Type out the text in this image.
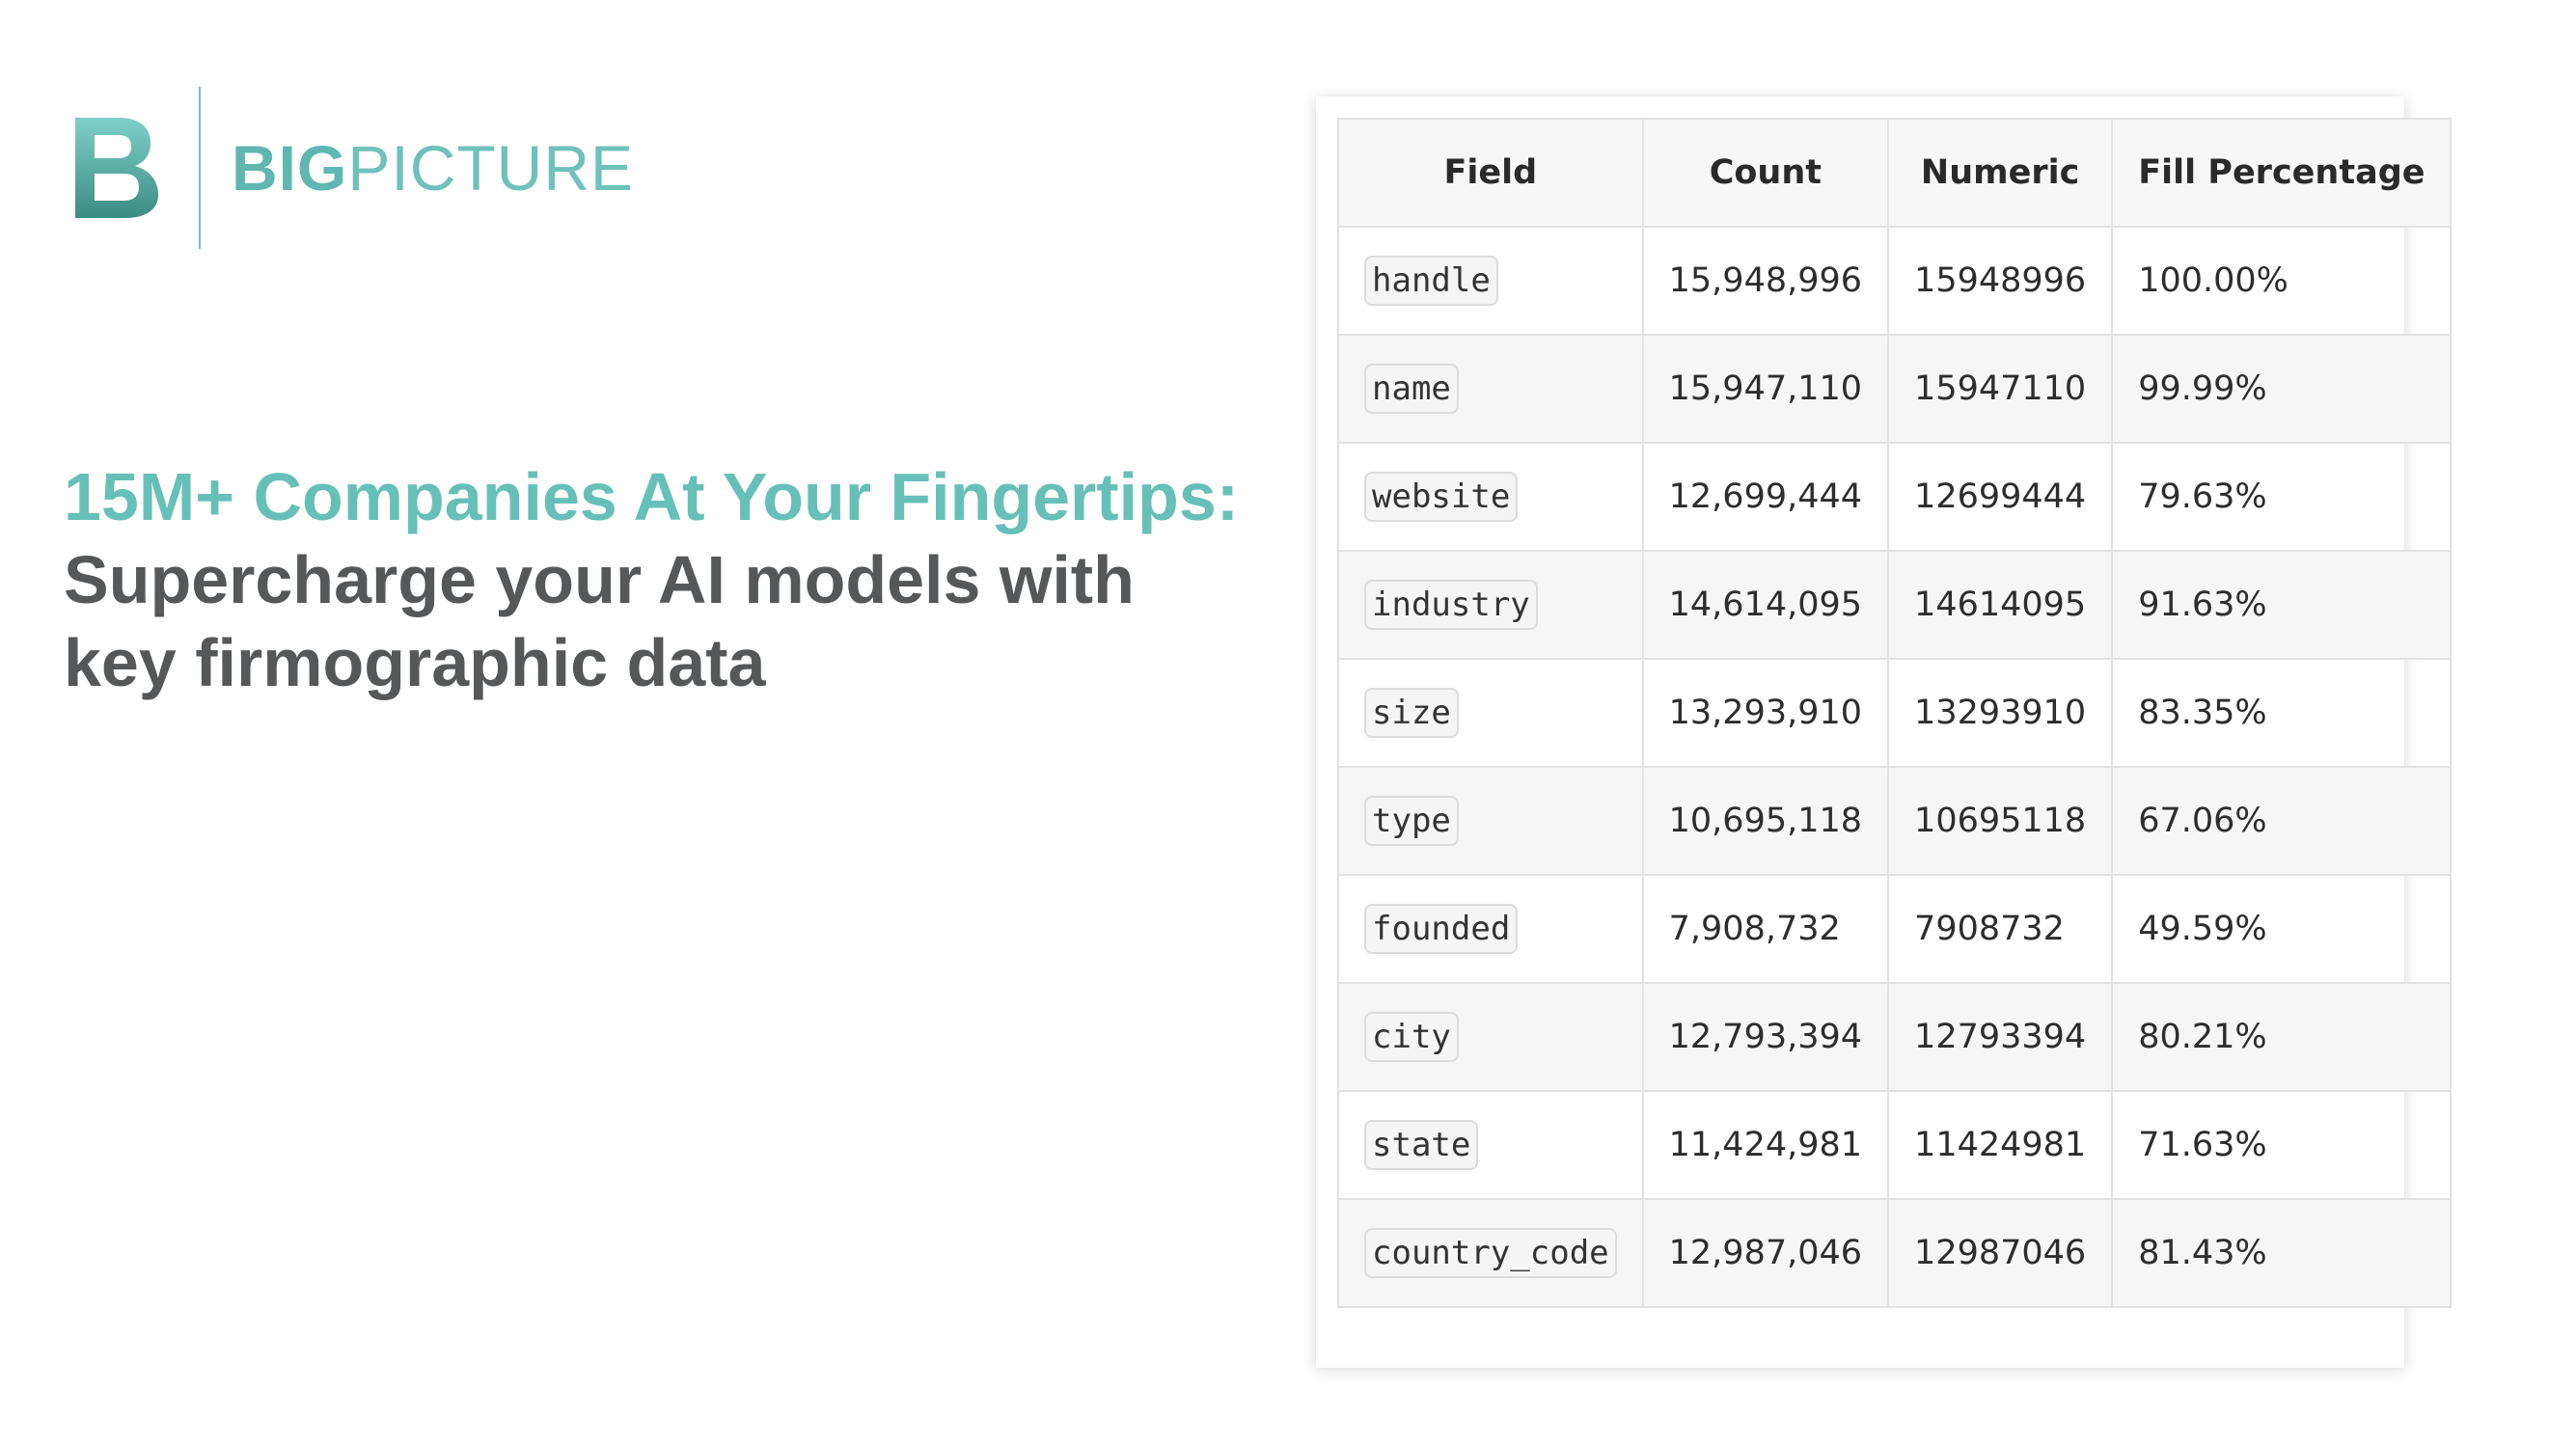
BIGPICTURE
15M+ Companies At Your Fingertips:
Supercharge your AI models with key firmographic data
Field	Count	Numeric	Fill Percentage
handle	15,948,996	15948996	100.00%
name	15,947,110	15947110	99.99%
website	12,699,444	12699444	79.63%
industry	14,614,095	14614095	91.63%
size	13,293,910	13293910	83.35%
type	10,695,118	10695118	67.06%
founded	7,908,732	7908732	49.59%
city	12,793,394	12793394	80.21%
state	11,424,981	11424981	71.63%
country_code	12,987,046	12987046	81.43%
